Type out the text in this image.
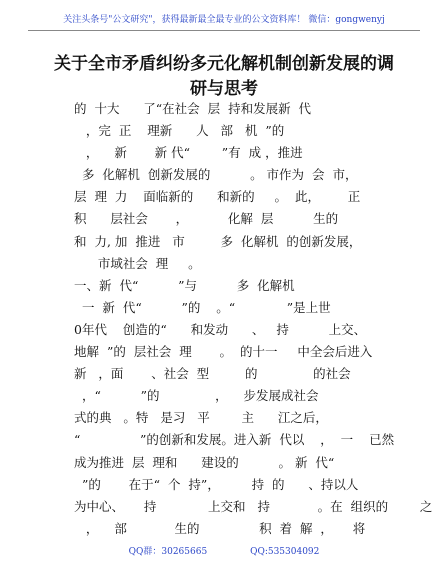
关注头条号"公文研究"，获得最新最全最专业的公文资料库！ 微信：gongwenyj
关于全市矛盾纠纷多元化解机制创新发展的调
研与思考
的  十大      了“在社会  层  持和发展新  代
，完  正    理新      人   部   机  ”的
，    新       新 代“        ”有  成 ，推进
多  化解机  创新发展的          。 市作为  会  市，
层  理  力    面临新的      和新的     。  此，       正
积      层社会       ，          化解  层          生的
和  力, 加  推进   市         多  化解机  的创新发展，
市域社会  理     。
一、新  代“          ”与          多  化解机
一  新  代“          ”的    。“             ”是上世
0年代    创造的“      和发动      、   持          上交、
地解  ”的  层社会  理       。  的十一     中全会后进入
新   ，面       、社会  型         的              的社会
，“          ”的              ，    步发展成社会
式的典   。特   是习   平        主      江之后，
“               ”的创新和发展。进入新  代以    ，  一    已然
成为推进  层  理和      建设的          。 新  代“
”的       在于“  个  持”，        持  的      、持以人
为中心、     持             上交和   持            。在  组织的        之
，    部            生的               积  着  解  ，     将
QQ群：30265665	QQ:535304092
